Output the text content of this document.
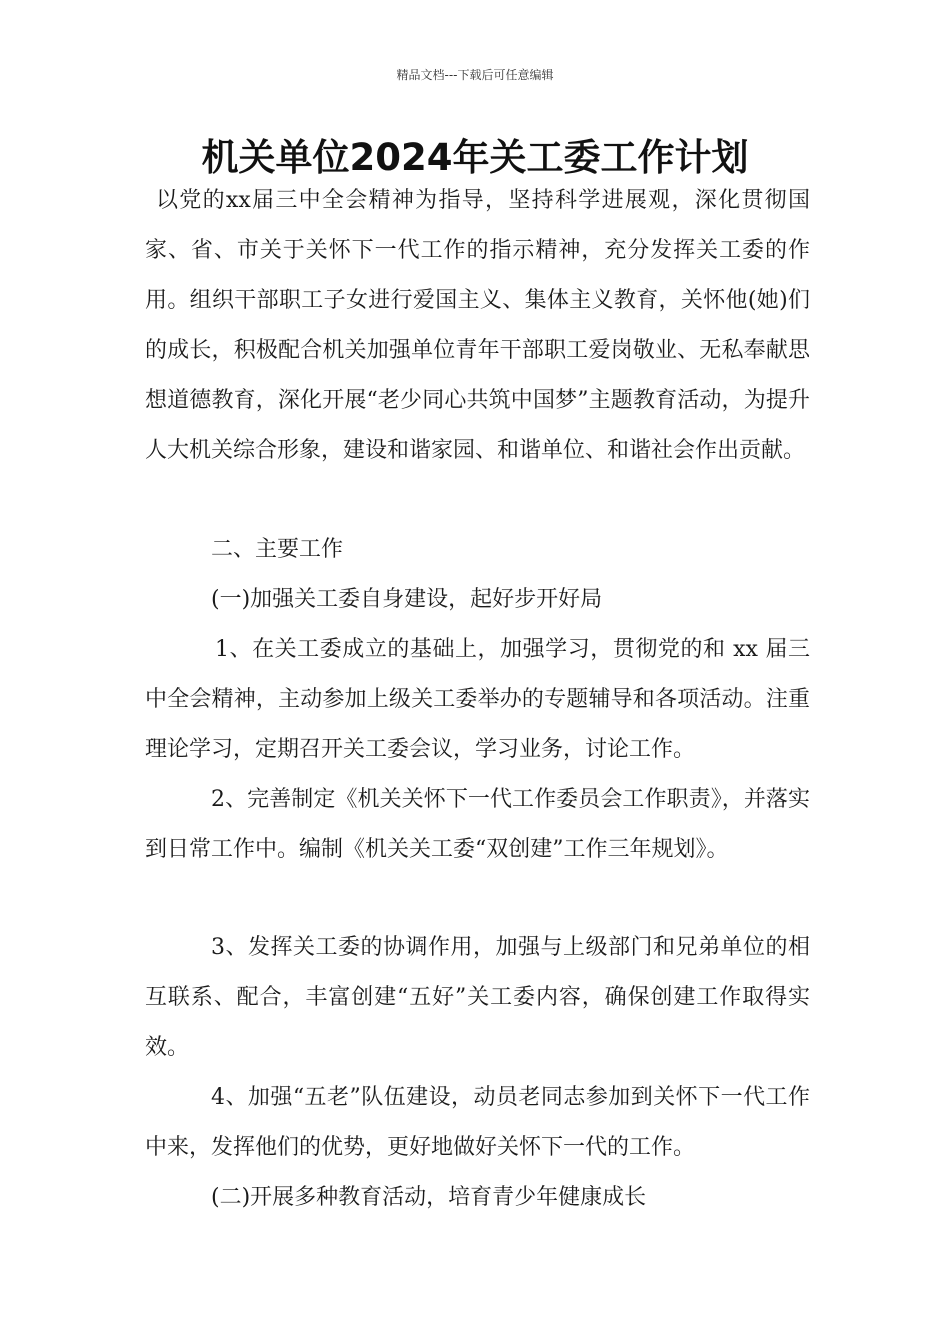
精品文档---下载后可任意编辑
机关单位2024年关工委工作计划

以党的xx届三中全会精神为指导，坚持科学进展观，深化贯彻国家、省、市关于关怀下一代工作的指示精神，充分发挥关工委的作用。组织干部职工子女进行爱国主义、集体主义教育，关怀他(她)们的成长，积极配合机关加强单位青年干部职工爱岗敬业、无私奉献思想道德教育，深化开展“老少同心共筑中国梦”主题教育活动，为提升人大机关综合形象，建设和谐家园、和谐单位、和谐社会作出贡献。

二、主要工作

(一)加强关工委自身建设，起好步开好局

1、在关工委成立的基础上，加强学习，贯彻党的和 xx 届三中全会精神，主动参加上级关工委举办的专题辅导和各项活动。注重理论学习，定期召开关工委会议，学习业务，讨论工作。

2、完善制定《机关关怀下一代工作委员会工作职责》，并落实到日常工作中。编制《机关关工委“双创建”工作三年规划》。

3、发挥关工委的协调作用，加强与上级部门和兄弟单位的相互联系、配合，丰富创建“五好”关工委内容，确保创建工作取得实效。

4、加强“五老”队伍建设，动员老同志参加到关怀下一代工作中来，发挥他们的优势，更好地做好关怀下一代的工作。

(二)开展多种教育活动，培育青少年健康成长
